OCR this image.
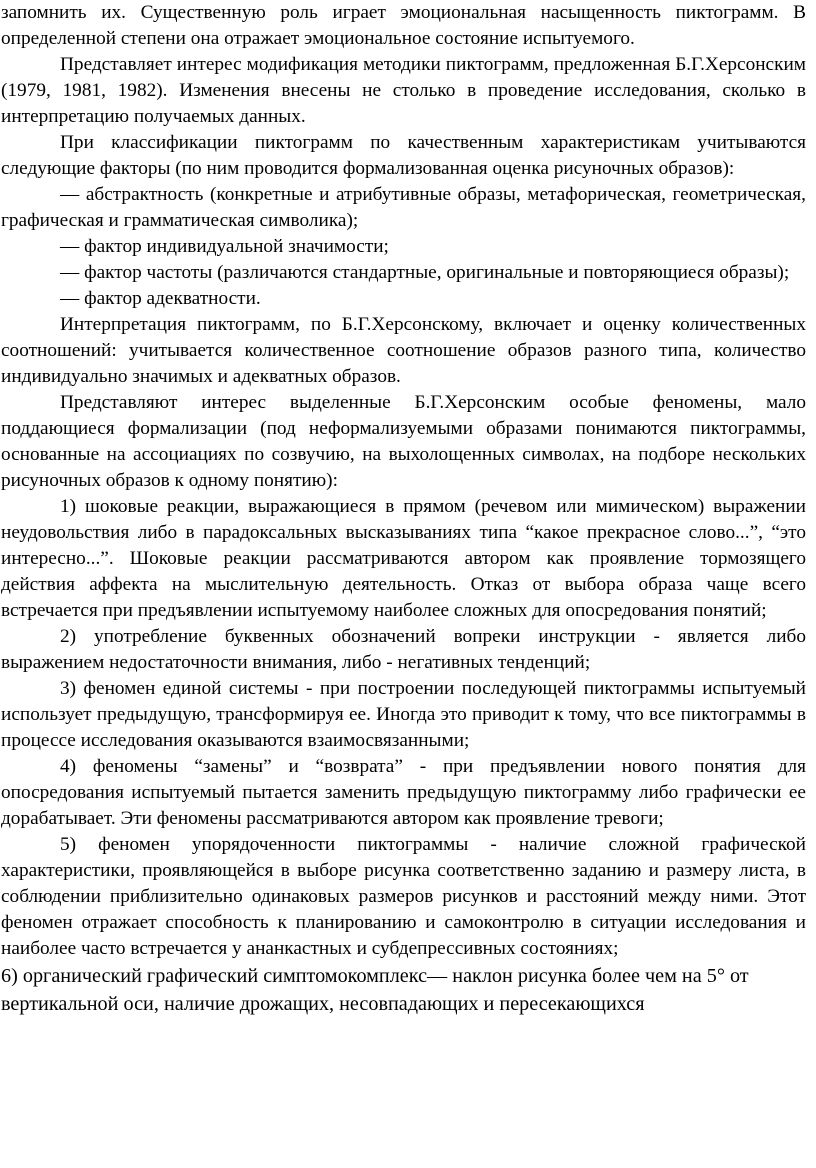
запомнить их. Существенную роль играет эмоциональная насыщенность пиктограмм. В определенной степени она отражает эмоциональное состояние испытуемого.

Представляет интерес модификация методики пиктограмм, предложенная Б.Г.Херсонским (1979, 1981, 1982). Изменения внесены не столько в проведение исследования, сколько в интерпретацию получаемых данных.

При классификации пиктограмм по качественным характеристикам учитываются следующие факторы (по ним проводится формализованная оценка рисуночных образов):

— абстрактность (конкретные и атрибутивные образы, метафорическая, геометрическая, графическая и грамматическая символика);

— фактор индивидуальной значимости;

— фактор частоты (различаются стандартные, оригинальные и повторяющиеся образы);

— фактор адекватности.

Интерпретация пиктограмм, по Б.Г.Херсонскому, включает и оценку количественных соотношений: учитывается количественное соотношение образов разного типа, количество индивидуально значимых и адекватных образов.

Представляют интерес выделенные Б.Г.Херсонским особые феномены, мало поддающиеся формализации (под неформализуемыми образами понимаются пиктограммы, основанные на ассоциациях по созвучию, на выхолощенных символах, на подборе нескольких рисуночных образов к одному понятию):

1) шоковые реакции, выражающиеся в прямом (речевом или мимическом) выражении неудовольствия либо в парадоксальных высказываниях типа “какое прекрасное слово...”, “это интересно...”. Шоковые реакции рассматриваются автором как проявление тормозящего действия аффекта на мыслительную деятельность. Отказ от выбора образа чаще всего встречается при предъявлении испытуемому наиболее сложных для опосредования понятий;

2) употребление буквенных обозначений вопреки инструкции - является либо выражением недостаточности внимания, либо - негативных тенденций;

3) феномен единой системы - при построении последующей пиктограммы испытуемый использует предыдущую, трансформируя ее. Иногда это приводит к тому, что все пиктограммы в процессе исследования оказываются взаимосвязанными;

4) феномены “замены” и “возврата” - при предъявлении нового понятия для опосредования испытуемый пытается заменить предыдущую пиктограмму либо графически ее дорабатывает. Эти феномены рассматриваются автором как проявление тревоги;

5) феномен упорядоченности пиктограммы - наличие сложной графической характеристики, проявляющейся в выборе рисунка соответственно заданию и размеру листа, в соблюдении приблизительно одинаковых размеров рисунков и расстояний между ними. Этот феномен отражает способность к планированию и самоконтролю в ситуации исследования и наиболее часто встречается у ананкастных и субдепрессивных состояниях;

6) органический графический симптомокомплекс— наклон рисунка более чем на 5° от вертикальной оси, наличие дрожащих, несовпадающих и пересекающихся
